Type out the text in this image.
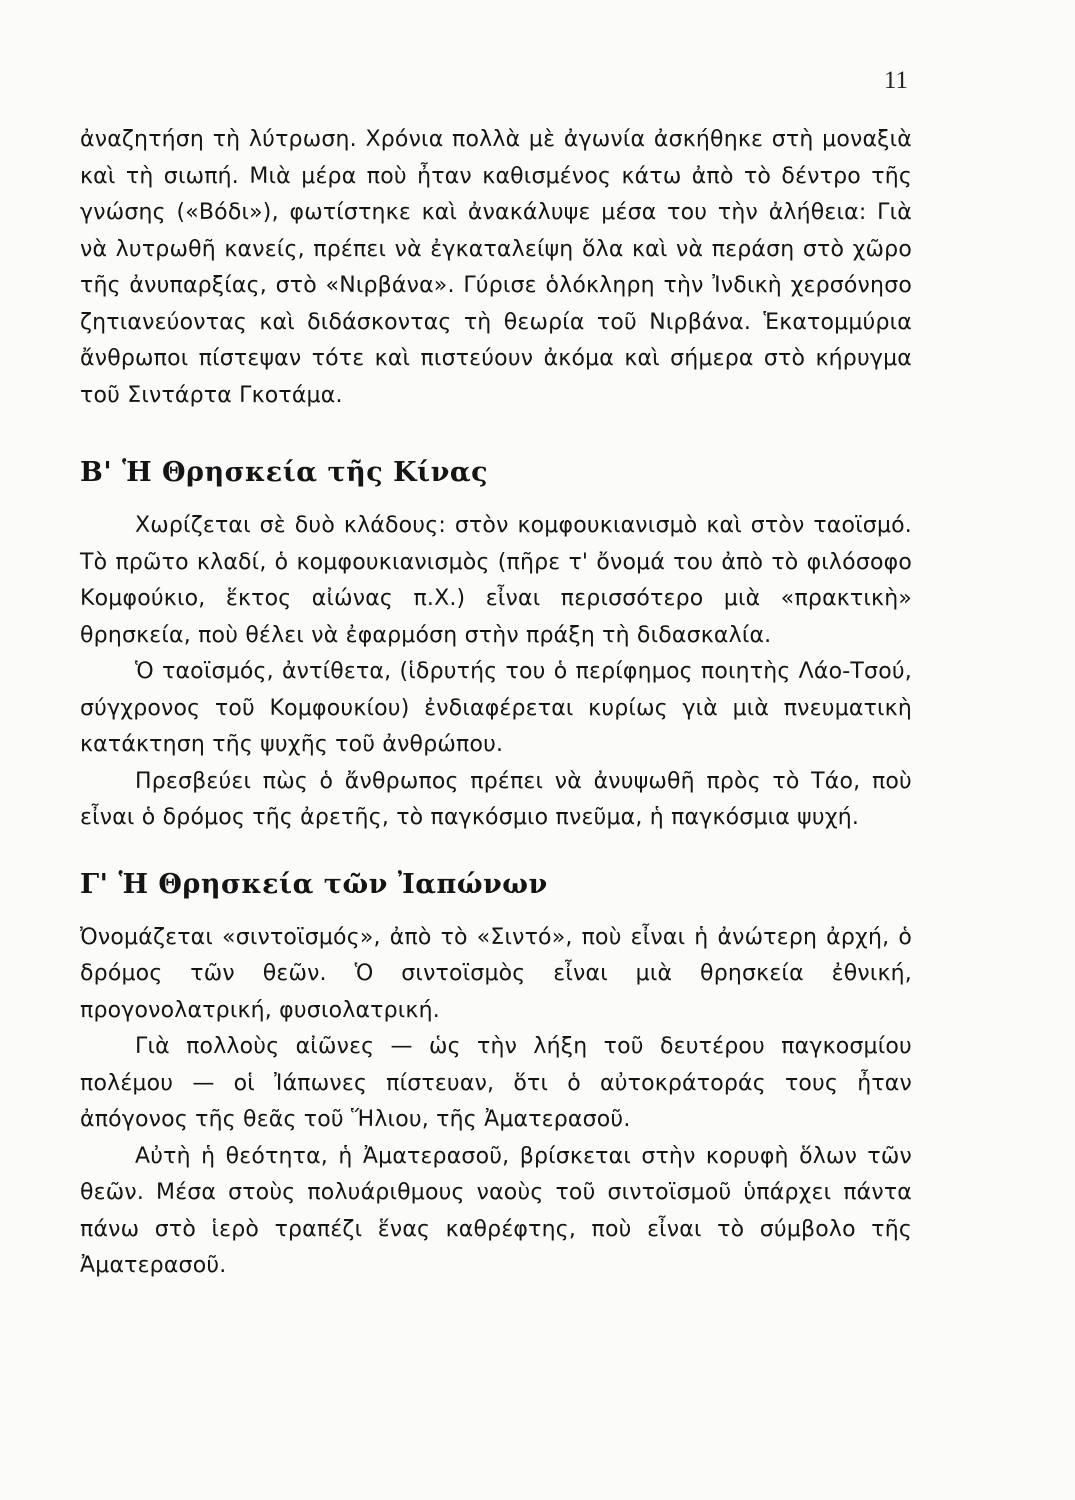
11

ἀναζητήση τὴ λύτρωση. Χρόνια πολλὰ μὲ ἀγωνία ἀσκήθηκε στὴ μοναξιὰ καὶ τὴ σιωπή. Μιὰ μέρα ποὺ ἦταν καθισμένος κάτω ἀπὸ τὸ δέντρο τῆς γνώσης («Βόδι»), φωτίστηκε καὶ ἀνακάλυψε μέσα του τὴν ἀλήθεια: Γιὰ νὰ λυτρωθῆ κανείς, πρέπει νὰ ἐγκαταλείψη ὅλα καὶ νὰ περάση στὸ χῶρο τῆς ἀνυπαρξίας, στὸ «Νιρβάνα». Γύρισε ὁλόκληρη τὴν Ἰνδικὴ χερσόνησο ζητιανεύοντας καὶ διδάσκοντας τὴ θεωρία τοῦ Νιρβάνα. Ἑκατομμύρια ἄνθρωποι πίστεψαν τότε καὶ πιστεύουν ἀκόμα καὶ σήμερα στὸ κήρυγμα τοῦ Σιντάρτα Γκοτάμα.

Β' Ἡ Θρησκεία τῆς Κίνας

Χωρίζεται σὲ δυὸ κλάδους: στὸν κομφουκιανισμὸ καὶ στὸν ταοϊσμό. Τὸ πρῶτο κλαδί, ὁ κομφουκιανισμὸς (πῆρε τ' ὄνομά του ἀπὸ τὸ φιλόσοφο Κομφούκιο, ἕκτος αἰώνας π.Χ.) εἶναι περισσότερο μιὰ «πρακτικὴ» θρησκεία, ποὺ θέλει νὰ ἐφαρμόση στὴν πράξη τὴ διδασκαλία.

Ὁ ταοϊσμός, ἀντίθετα, (ἱδρυτής του ὁ περίφημος ποιητὴς Λάο-Τσού, σύγχρονος τοῦ Κομφουκίου) ἐνδιαφέρεται κυρίως γιὰ μιὰ πνευματικὴ κατάκτηση τῆς ψυχῆς τοῦ ἀνθρώπου.

Πρεσβεύει πὼς ὁ ἄνθρωπος πρέπει νὰ ἀνυψωθῆ πρὸς τὸ Τάο, ποὺ εἶναι ὁ δρόμος τῆς ἀρετῆς, τὸ παγκόσμιο πνεῦμα, ἡ παγκόσμια ψυχή.

Γ' Ἡ Θρησκεία τῶν Ἰαπώνων

Ὀνομάζεται «σιντοϊσμός», ἀπὸ τὸ «Σιντό», ποὺ εἶναι ἡ ἀνώτερη ἀρχή, ὁ δρόμος τῶν θεῶν. Ὁ σιντοϊσμὸς εἶναι μιὰ θρησκεία ἐθνική, προγονολατρική, φυσιολατρική.

Γιὰ πολλοὺς αἰῶνες — ὡς τὴν λήξη τοῦ δευτέρου παγκοσμίου πολέμου — οἱ Ἰάπωνες πίστευαν, ὅτι ὁ αὐτοκράτοράς τους ἦταν ἀπόγονος τῆς θεᾶς τοῦ Ἥλιου, τῆς Ἀματερασοῦ.

Αὐτὴ ἡ θεότητα, ἡ Ἀματερασοῦ, βρίσκεται στὴν κορυφὴ ὅλων τῶν θεῶν. Μέσα στοὺς πολυάριθμους ναοὺς τοῦ σιντοϊσμοῦ ὑπάρχει πάντα πάνω στὸ ἱερὸ τραπέζι ἕνας καθρέφτης, ποὺ εἶναι τὸ σύμβολο τῆς Ἀματερασοῦ.
